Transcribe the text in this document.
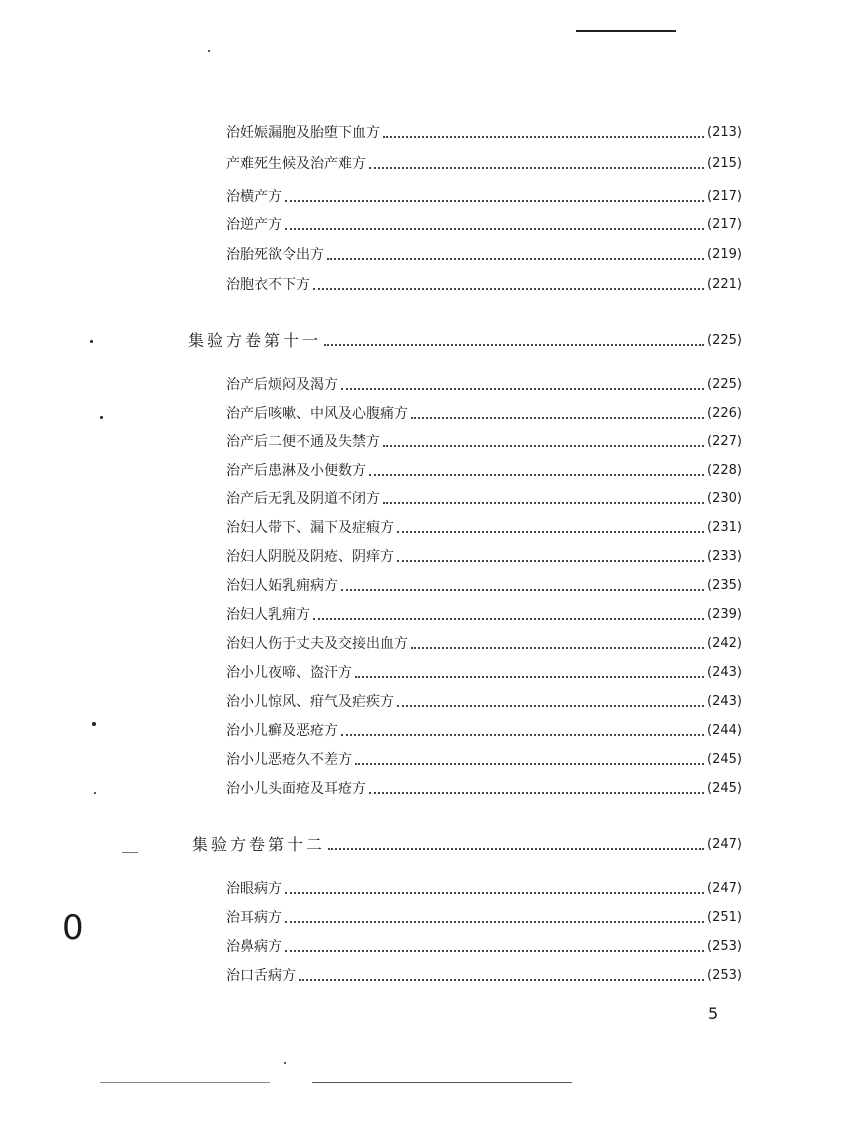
0
治妊娠漏胞及胎堕下血方	(213)
产难死生候及治产难方	(215)
治横产方	(217)
治逆产方	(217)
治胎死欲令出方	(219)
治胞衣不下方	(221)
集验方卷第十一	(225)
治产后烦闷及渴方	(225)
治产后咳嗽、中风及心腹痛方	(226)
治产后二便不通及失禁方	(227)
治产后患淋及小便数方	(228)
治产后无乳及阴道不闭方	(230)
治妇人带下、漏下及症瘕方	(231)
治妇人阴脱及阴疮、阴痒方	(233)
治妇人妬乳痈病方	(235)
治妇人乳痈方	(239)
治妇人伤于丈夫及交接出血方	(242)
治小儿夜啼、盗汗方	(243)
治小儿惊风、疳气及疟疾方	(243)
治小儿癣及恶疮方	(244)
治小儿恶疮久不差方	(245)
治小儿头面疮及耳疮方	(245)
集验方卷第十二	(247)
治眼病方	(247)
治耳病方	(251)
治鼻病方	(253)
治口舌病方	(253)
5
